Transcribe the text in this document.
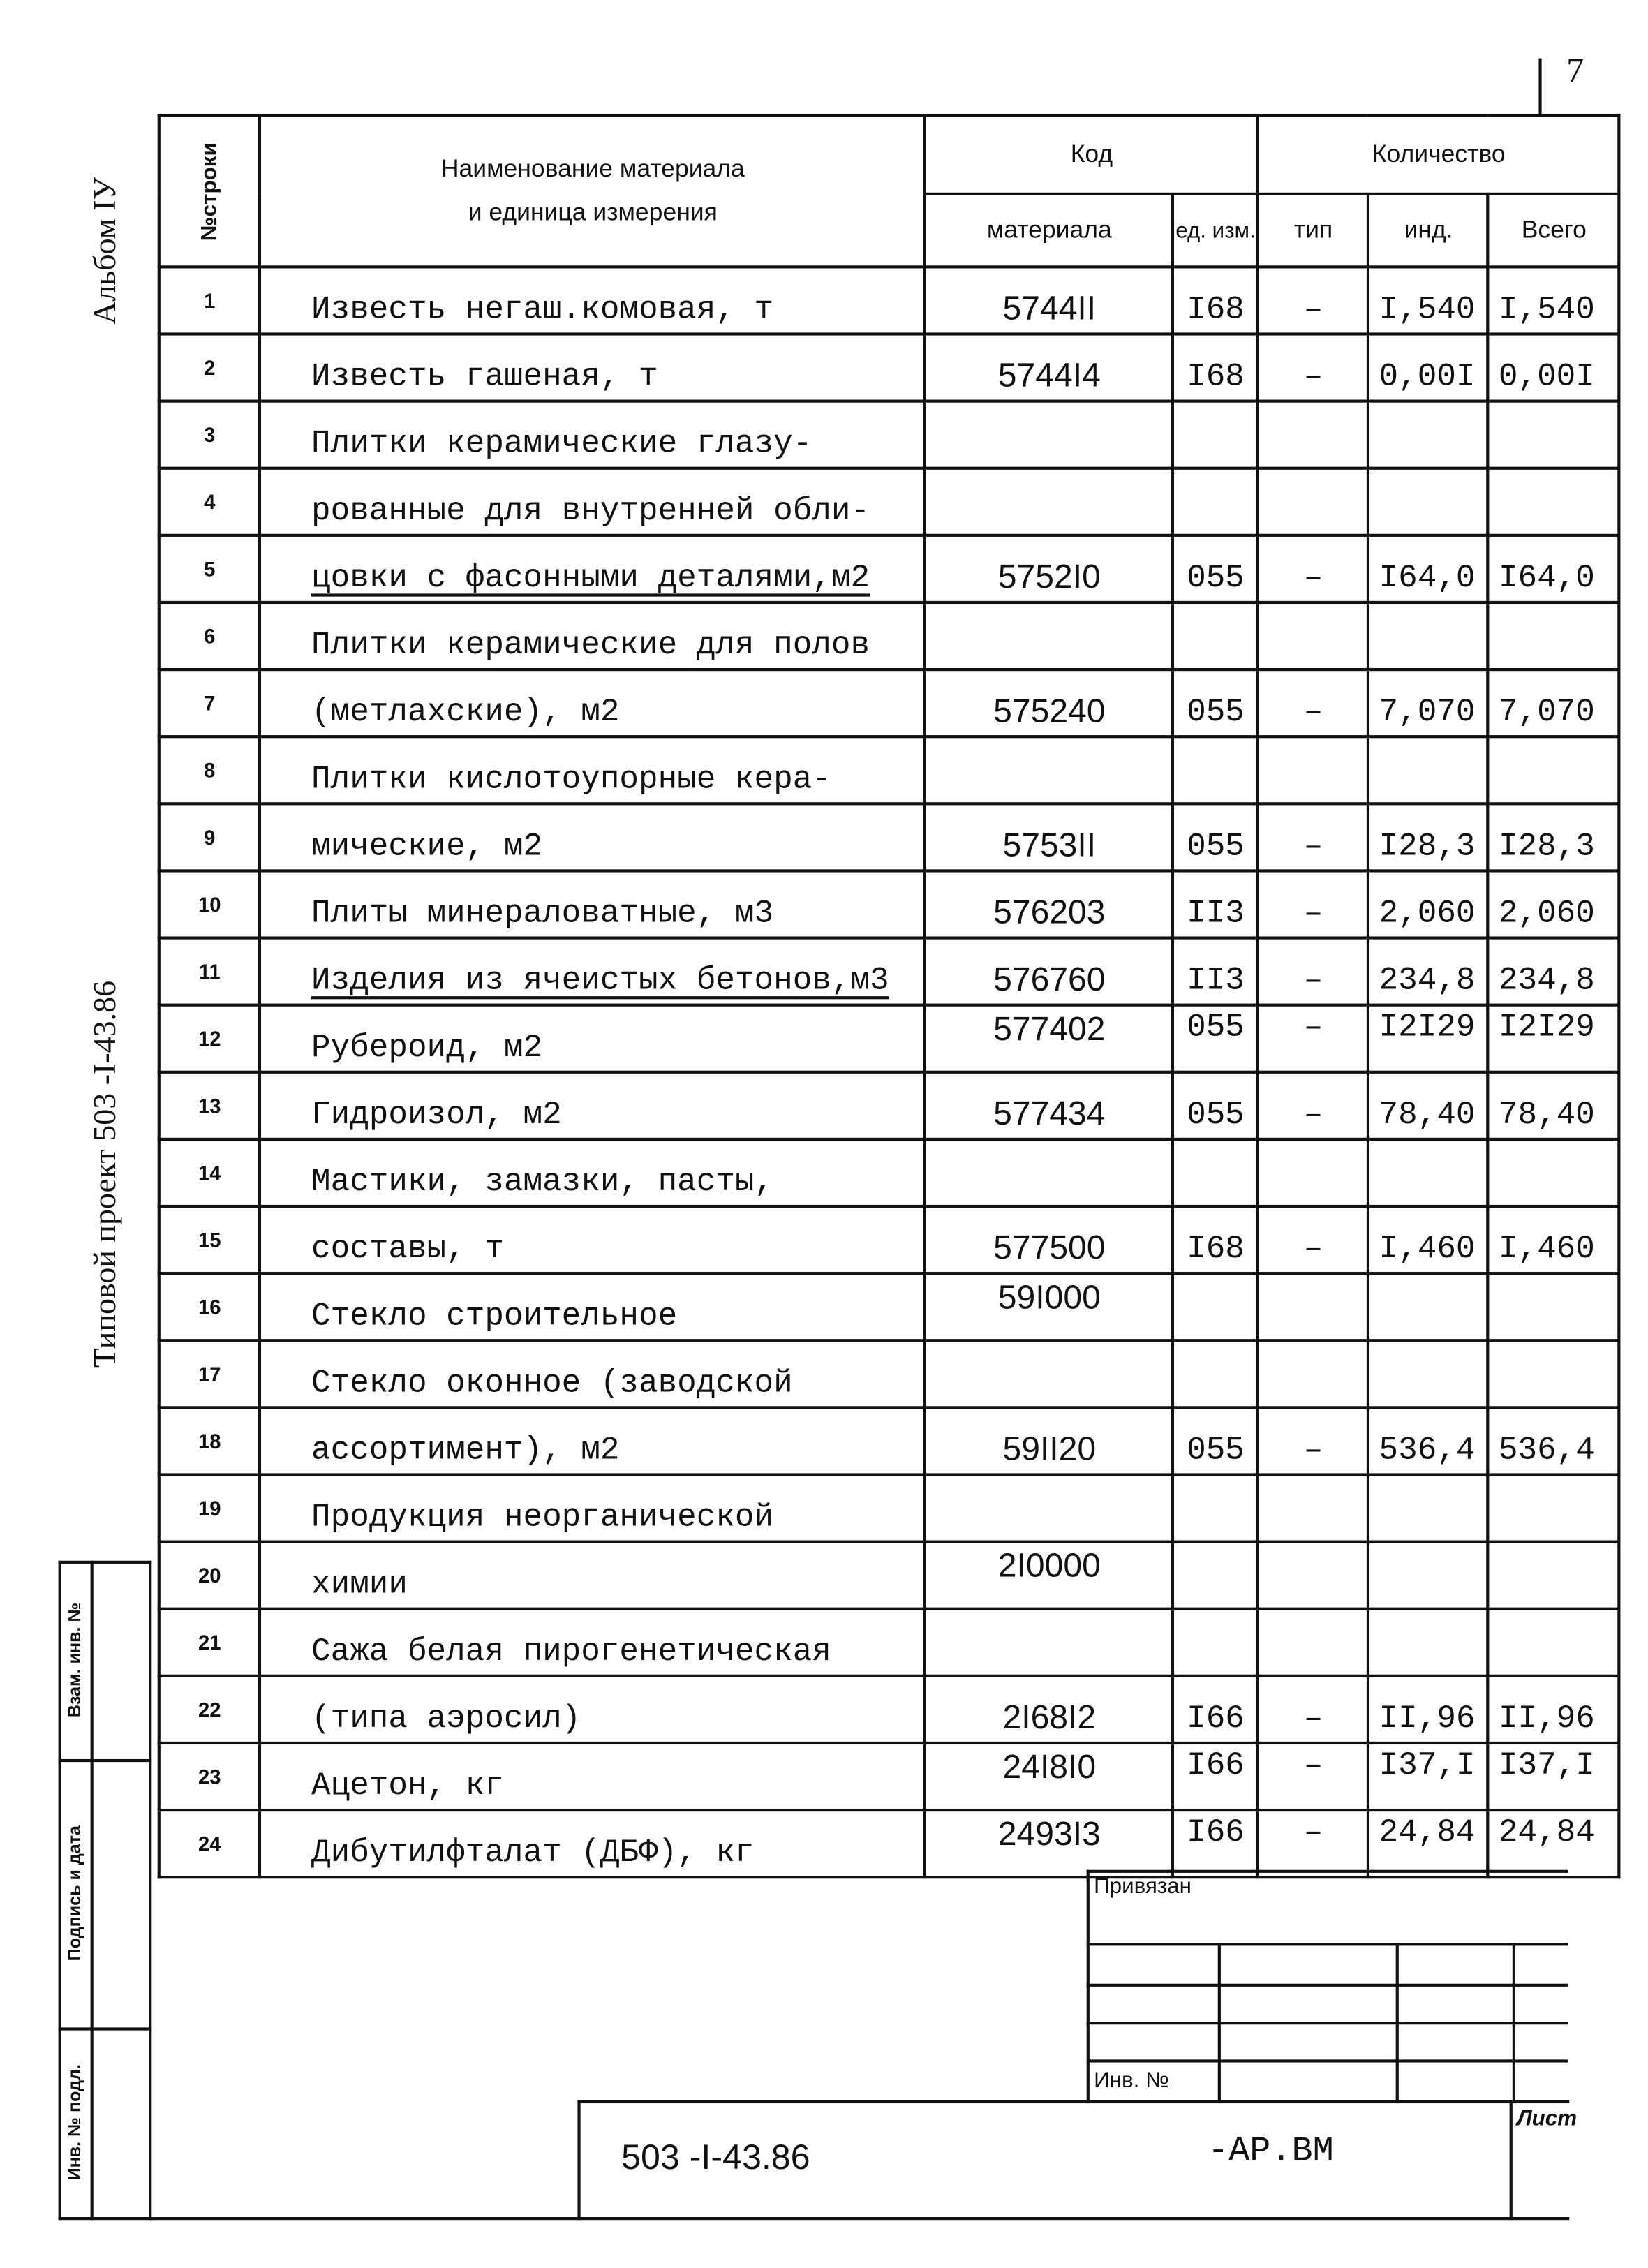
Альбом IУ
Типовой проект 503 -I-43.86
Взам. инв. №
Подпись и дата
Инв. № подл.
7
№строки	Наименование материала
и единица измерения	Код		Количество		
		материала	ед. изм.	тип	инд.	Всего
1	Известь негаш.комовая, т	5744II	I68	–	I,540	I,540
2	Известь гашеная, т	5744I4	I68	–	0,00I	0,00I
3	Плитки керамические глазу-					
4	рованные для внутренней обли-					
5	цовки с фасонными деталями,м2	5752I0	055	–	I64,0	I64,0
6	Плитки керамические для полов					
7	(метлахские), м2	575240	055	–	7,070	7,070
8	Плитки кислотоупорные кера-					
9	мические, м2	5753II	055	–	I28,3	I28,3
10	Плиты минераловатные, м3	576203	II3	–	2,060	2,060
11	Изделия из ячеистых бетонов,м3	576760	II3	–	234,8	234,8
12	Рубероид, м2	577402	055	–	I2I29	I2I29
13	Гидроизол, м2	577434	055	–	78,40	78,40
14	Мастики, замазки, пасты,					
15	составы, т	577500	I68	–	I,460	I,460
16	Стекло строительное	59I000				
17	Стекло оконное (заводской					
18	ассортимент), м2	59II20	055	–	536,4	536,4
19	Продукция неорганической					
20	химии	2I0000				
21	Сажа белая пирогенетическая					
22	(типа аэросил)	2I68I2	I66	–	II,96	II,96
23	Ацетон, кг	24I8I0	I66	–	I37,I	I37,I
24	Дибутилфталат (ДБФ), кг	2493I3	I66	–	24,84	24,84
Привязан
Инв. №
503 -I-43.86	-АР.ВМ
Лист
